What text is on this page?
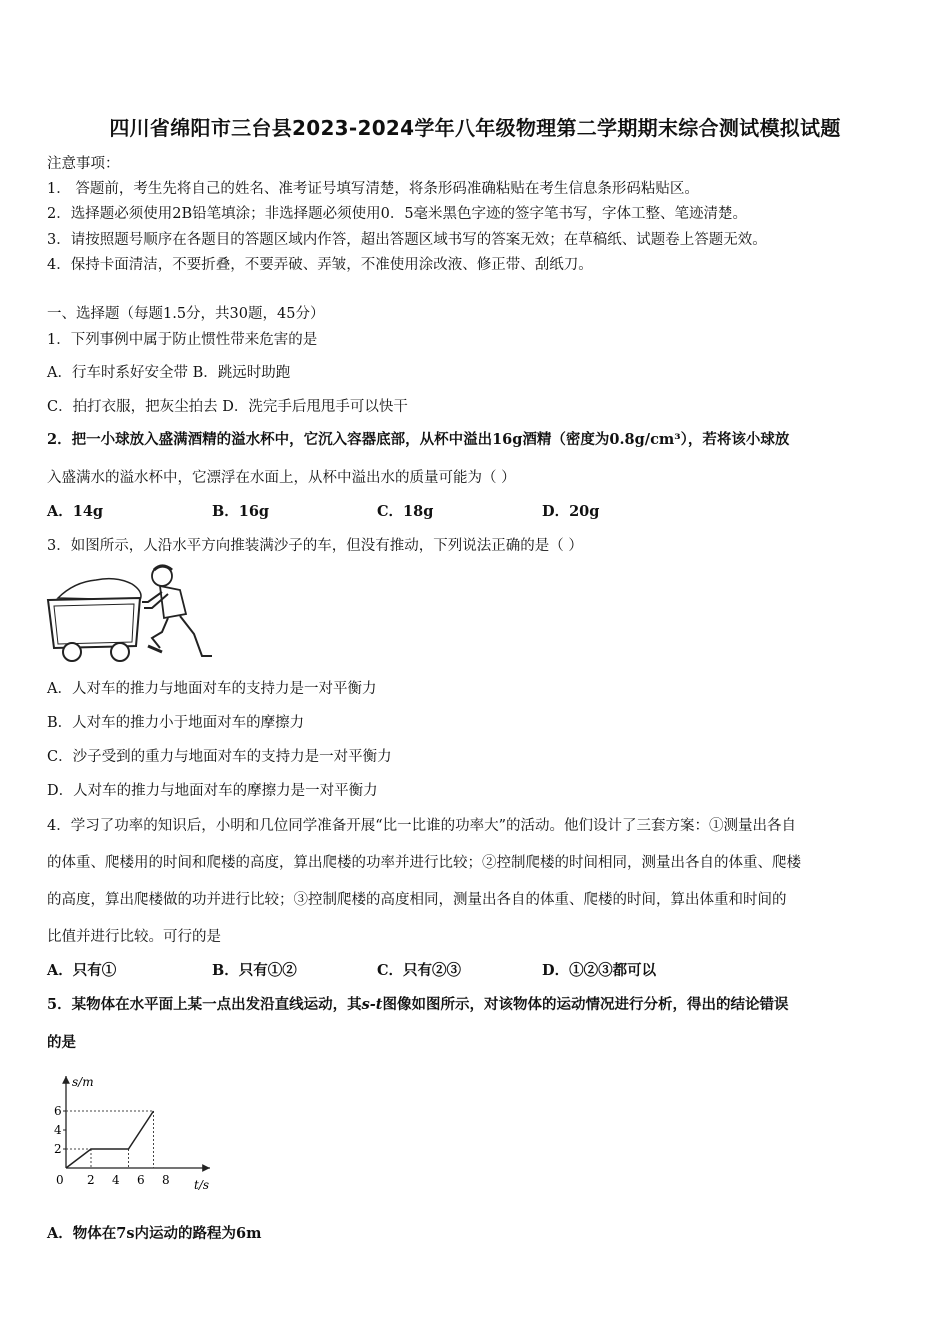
四川省绵阳市三台县2023-2024学年八年级物理第二学期期末综合测试模拟试题
注意事项：
1． 答题前，考生先将自己的姓名、准考证号填写清楚，将条形码准确粘贴在考生信息条形码粘贴区。
2．选择题必须使用2B铅笔填涂；非选择题必须使用0．5毫米黑色字迹的签字笔书写，字体工整、笔迹清楚。
3．请按照题号顺序在各题目的答题区域内作答，超出答题区域书写的答案无效；在草稿纸、试题卷上答题无效。
4．保持卡面清洁，不要折叠，不要弄破、弄皱，不准使用涂改液、修正带、刮纸刀。
一、选择题（每题1.5分，共30题，45分）
1．下列事例中属于防止惯性带来危害的是
A．行车时系好安全带 B．跳远时助跑
C．拍打衣服，把灰尘拍去 D．洗完手后甩甩手可以快干
2．把一小球放入盛满酒精的溢水杯中，它沉入容器底部，从杯中溢出16g酒精（密度为0.8g/cm³），若将该小球放
入盛满水的溢水杯中，它漂浮在水面上，从杯中溢出水的质量可能为（ ）
A．14g	B．16g	C．18g	D．20g
3．如图所示，人沿水平方向推装满沙子的车，但没有推动，下列说法正确的是（ ）
A．人对车的推力与地面对车的支持力是一对平衡力
B．人对车的推力小于地面对车的摩擦力
C．沙子受到的重力与地面对车的支持力是一对平衡力
D．人对车的推力与地面对车的摩擦力是一对平衡力
4．学习了功率的知识后，小明和几位同学准备开展“比一比谁的功率大”的活动。他们设计了三套方案：①测量出各自
的体重、爬楼用的时间和爬楼的高度，算出爬楼的功率并进行比较；②控制爬楼的时间相同，测量出各自的体重、爬楼
的高度，算出爬楼做的功并进行比较；③控制爬楼的高度相同，测量出各自的体重、爬楼的时间，算出体重和时间的
比值并进行比较。可行的是
A．只有①	B．只有①②	C．只有②③	D．①②③都可以
5．某物体在水平面上某一点出发沿直线运动，其s-t图像如图所示，对该物体的运动情况进行分析，得出的结论错误
的是
s/m
t/s
0 2 4 6 8
2
4
6
A．物体在7s内运动的路程为6m
